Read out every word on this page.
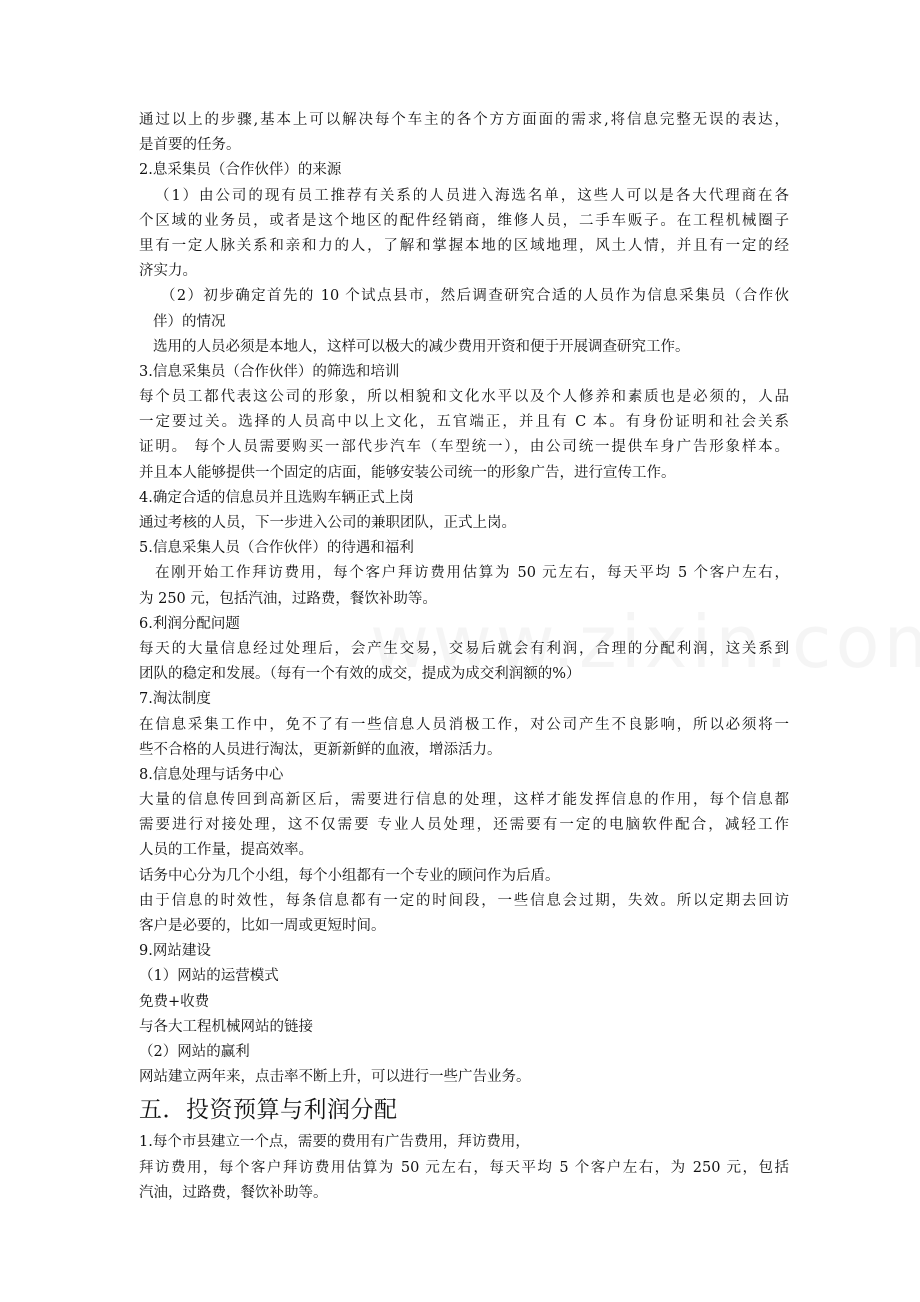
通过以上的步骤,基本上可以解决每个车主的各个方方面面的需求,将信息完整无误的表达，
是首要的任务。
2.息采集员（合作伙伴）的来源
（1）由公司的现有员工推荐有关系的人员进入海选名单，这些人可以是各大代理商在各
个区域的业务员，或者是这个地区的配件经销商，维修人员，二手车贩子。在工程机械圈子
里有一定人脉关系和亲和力的人，了解和掌握本地的区域地理，风土人情，并且有一定的经
济实力。
（2）初步确定首先的 10 个试点县市，然后调查研究合适的人员作为信息采集员（合作伙
伴）的情况
选用的人员必须是本地人，这样可以极大的减少费用开资和便于开展调查研究工作。
3.信息采集员（合作伙伴）的筛选和培训
每个员工都代表这公司的形象，所以相貌和文化水平以及个人修养和素质也是必须的，人品
一定要过关。选择的人员高中以上文化，五官端正，并且有 C 本。有身份证明和社会关系
证明。 每个人员需要购买一部代步汽车（车型统一），由公司统一提供车身广告形象样本。
并且本人能够提供一个固定的店面，能够安装公司统一的形象广告，进行宣传工作。
4.确定合适的信息员并且选购车辆正式上岗
通过考核的人员，下一步进入公司的兼职团队，正式上岗。
5.信息采集人员（合作伙伴）的待遇和福利
在刚开始工作拜访费用，每个客户拜访费用估算为 50 元左右，每天平均 5 个客户左右，
为 250 元，包括汽油，过路费，餐饮补助等。
6.利润分配问题
每天的大量信息经过处理后，会产生交易，交易后就会有利润，合理的分配利润，这关系到
团队的稳定和发展。（每有一个有效的成交，提成为成交利润额的%）
7.淘汰制度
在信息采集工作中，免不了有一些信息人员消极工作，对公司产生不良影响，所以必须将一
些不合格的人员进行淘汰，更新新鲜的血液，增添活力。
8.信息处理与话务中心
大量的信息传回到高新区后，需要进行信息的处理，这样才能发挥信息的作用，每个信息都
需要进行对接处理，这不仅需要 专业人员处理，还需要有一定的电脑软件配合，减轻工作
人员的工作量，提高效率。
话务中心分为几个小组，每个小组都有一个专业的顾问作为后盾。
由于信息的时效性，每条信息都有一定的时间段，一些信息会过期，失效。所以定期去回访
客户是必要的，比如一周或更短时间。
9.网站建设
（1）网站的运营模式
免费+收费
与各大工程机械网站的链接
（2）网站的赢利
网站建立两年来，点击率不断上升，可以进行一些广告业务。
五．投资预算与利润分配
1.每个市县建立一个点，需要的费用有广告费用，拜访费用，
拜访费用，每个客户拜访费用估算为 50 元左右，每天平均 5 个客户左右，为 250 元，包括
汽油，过路费，餐饮补助等。
